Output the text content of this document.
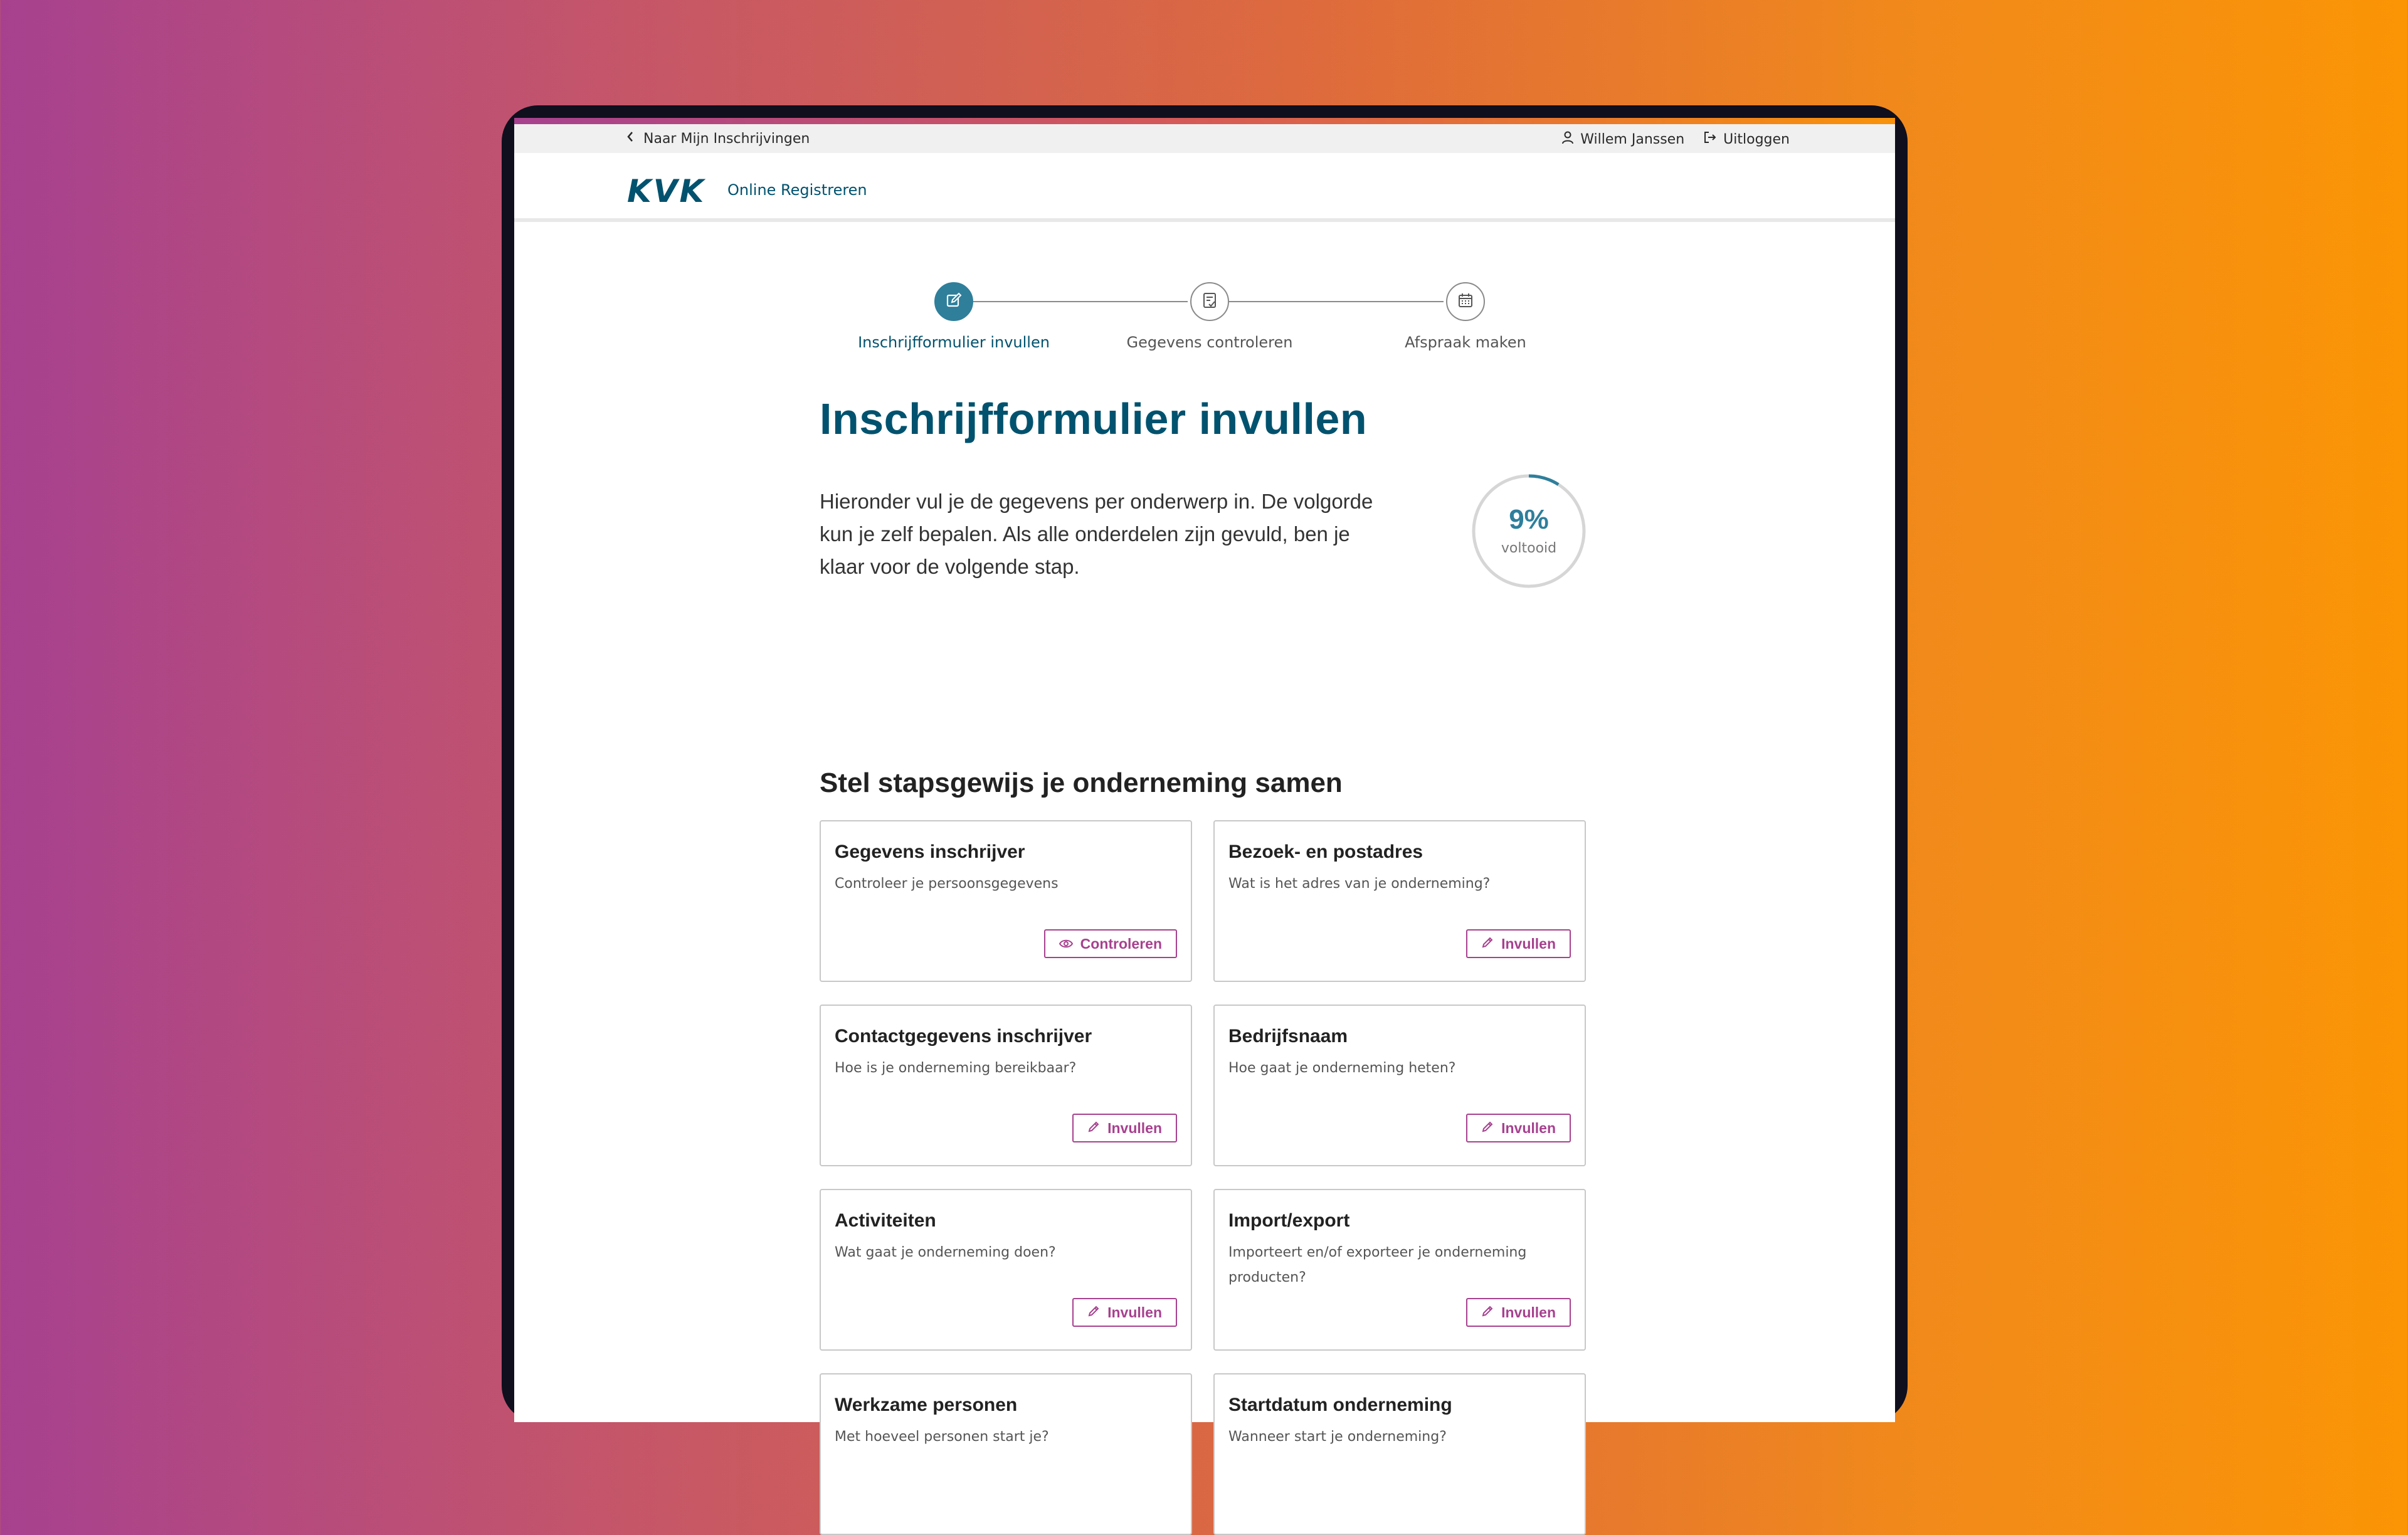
Naar Mijn Inschrijvingen	Willem Janssen	Uitloggen
KVK Online Registreren
Inschrijfformulier invullen	Gegevens controleren	Afspraak maken
Inschrijfformulier invullen

Hieronder vul je de gegevens per onderwerp in. De volgorde kun je zelf bepalen. Als alle onderdelen zijn gevuld, ben je klaar voor de volgende stap.

9%
voltooid
Stel stapsgewijs je onderneming samen
Gegevens inschrijver
Controleer je persoonsgegevens
Controleren
Bezoek- en postadres
Wat is het adres van je onderneming?
Invullen
Contactgegevens inschrijver
Hoe is je onderneming bereikbaar?
Invullen
Bedrijfsnaam
Hoe gaat je onderneming heten?
Invullen
Activiteiten
Wat gaat je onderneming doen?
Invullen
Import/export
Importeert en/of exporteer je onderneming producten?
Invullen
Werkzame personen
Met hoeveel personen start je?
Startdatum onderneming
Wanneer start je onderneming?
